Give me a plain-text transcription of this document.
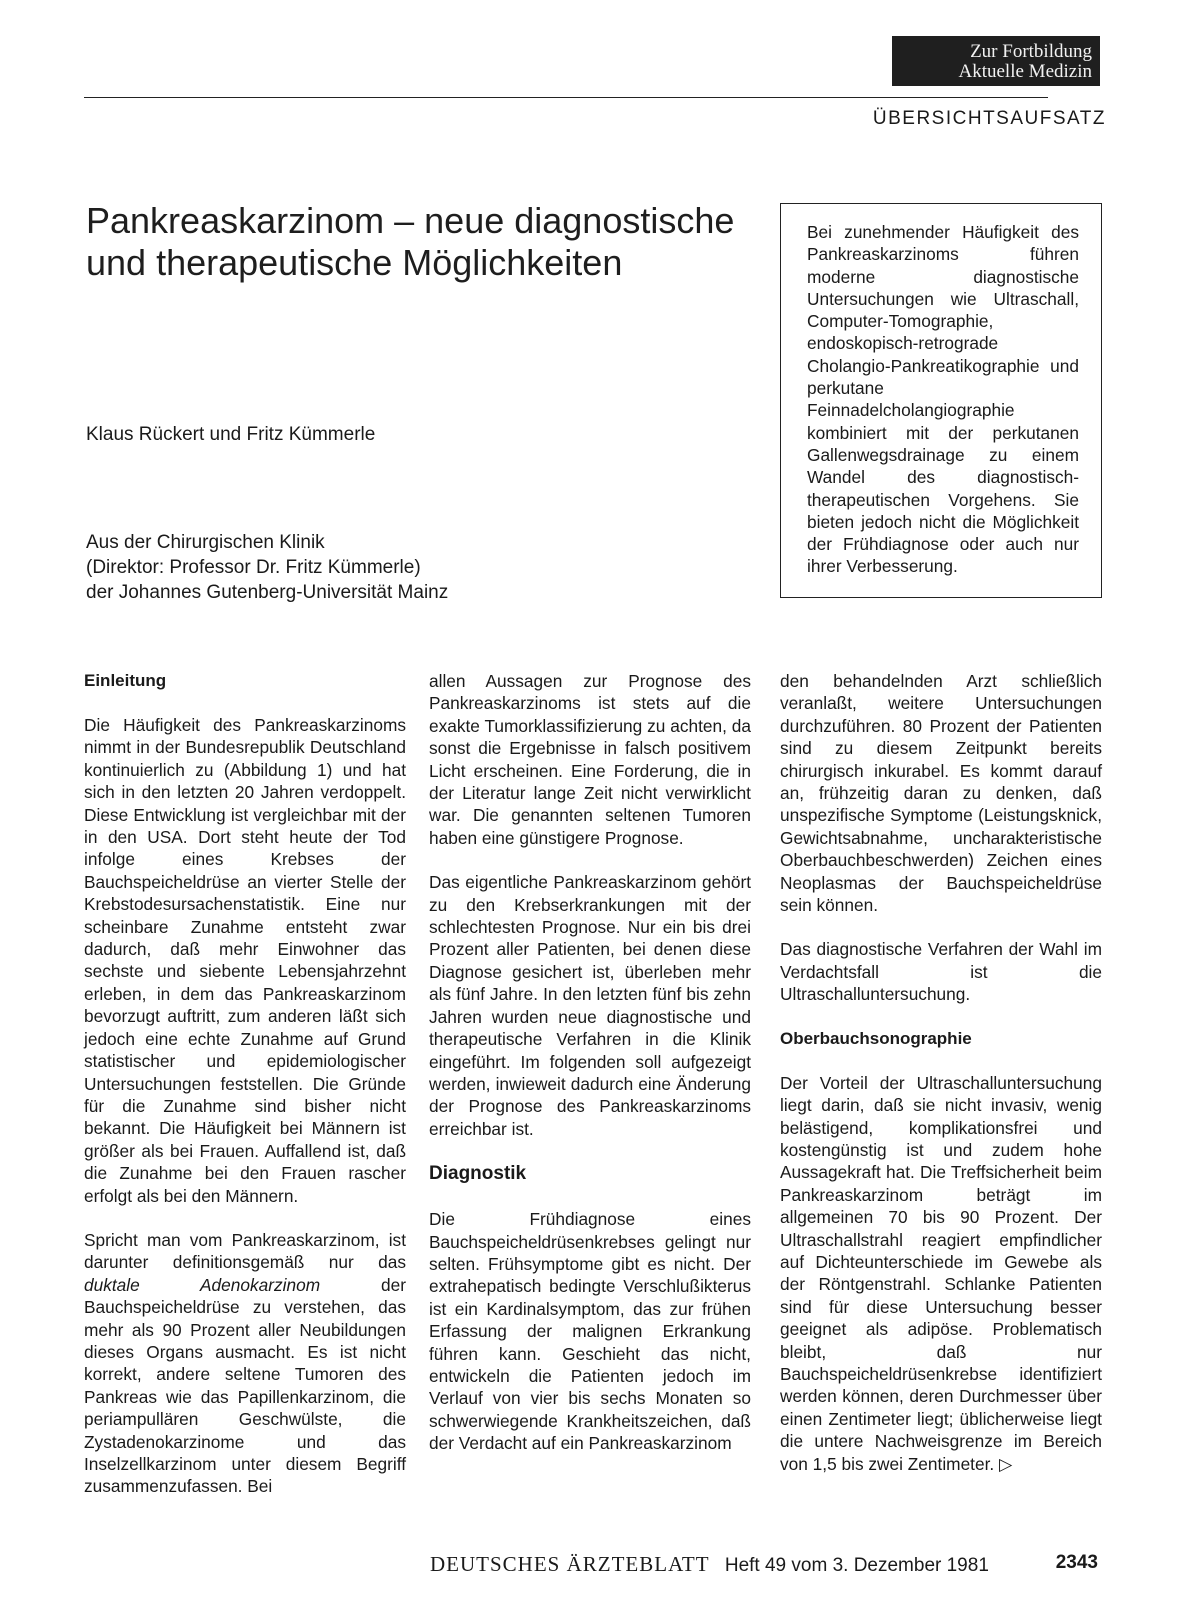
Zur Fortbildung
Aktuelle Medizin
ÜBERSICHTSAUFSATZ
Pankreaskarzinom – neue diagnostische und therapeutische Möglichkeiten
Klaus Rückert und Fritz Kümmerle
Aus der Chirurgischen Klinik
(Direktor: Professor Dr. Fritz Kümmerle)
der Johannes Gutenberg-Universität Mainz
Bei zunehmender Häufigkeit des Pankreaskarzinoms führen moderne diagnostische Untersuchungen wie Ultraschall, Computer-Tomographie, endoskopisch-retrograde Cholangio-Pankreatikographie und perkutane Feinnadelcholangiographie kombiniert mit der perkutanen Gallenwegsdrainage zu einem Wandel des diagnostisch-therapeutischen Vorgehens. Sie bieten jedoch nicht die Möglichkeit der Frühdiagnose oder auch nur ihrer Verbesserung.
Einleitung

Die Häufigkeit des Pankreaskarzinoms nimmt in der Bundesrepublik Deutschland kontinuierlich zu (Abbildung 1) und hat sich in den letzten 20 Jahren verdoppelt. Diese Entwicklung ist vergleichbar mit der in den USA. Dort steht heute der Tod infolge eines Krebses der Bauchspeicheldrüse an vierter Stelle der Krebstodesursachenstatistik. Eine nur scheinbare Zunahme entsteht zwar dadurch, daß mehr Einwohner das sechste und siebente Lebensjahrzehnt erleben, in dem das Pankreaskarzinom bevorzugt auftritt, zum anderen läßt sich jedoch eine echte Zunahme auf Grund statistischer und epidemiologischer Untersuchungen feststellen. Die Gründe für die Zunahme sind bisher nicht bekannt. Die Häufigkeit bei Männern ist größer als bei Frauen. Auffallend ist, daß die Zunahme bei den Frauen rascher erfolgt als bei den Männern.

Spricht man vom Pankreaskarzinom, ist darunter definitionsgemäß nur das duktale Adenokarzinom der Bauchspeicheldrüse zu verstehen, das mehr als 90 Prozent aller Neubildungen dieses Organs ausmacht. Es ist nicht korrekt, andere seltene Tumoren des Pankreas wie das Papillenkarzinom, die periampullären Geschwülste, die Zystadenokarzinome und das Inselzellkarzinom unter diesem Begriff zusammenzufassen. Bei

allen Aussagen zur Prognose des Pankreaskarzinoms ist stets auf die exakte Tumorklassifizierung zu achten, da sonst die Ergebnisse in falsch positivem Licht erscheinen. Eine Forderung, die in der Literatur lange Zeit nicht verwirklicht war. Die genannten seltenen Tumoren haben eine günstigere Prognose.

Das eigentliche Pankreaskarzinom gehört zu den Krebserkrankungen mit der schlechtesten Prognose. Nur ein bis drei Prozent aller Patienten, bei denen diese Diagnose gesichert ist, überleben mehr als fünf Jahre. In den letzten fünf bis zehn Jahren wurden neue diagnostische und therapeutische Verfahren in die Klinik eingeführt. Im folgenden soll aufgezeigt werden, inwieweit dadurch eine Änderung der Prognose des Pankreaskarzinoms erreichbar ist.

Diagnostik

Die Frühdiagnose eines Bauchspeicheldrüsenkrebses gelingt nur selten. Frühsymptome gibt es nicht. Der extrahepatisch bedingte Verschlußikterus ist ein Kardinalsymptom, das zur frühen Erfassung der malignen Erkrankung führen kann. Geschieht das nicht, entwickeln die Patienten jedoch im Verlauf von vier bis sechs Monaten so schwerwiegende Krankheitszeichen, daß der Verdacht auf ein Pankreaskarzinom

den behandelnden Arzt schließlich veranlaßt, weitere Untersuchungen durchzuführen. 80 Prozent der Patienten sind zu diesem Zeitpunkt bereits chirurgisch inkurabel. Es kommt darauf an, frühzeitig daran zu denken, daß unspezifische Symptome (Leistungsknick, Gewichtsabnahme, uncharakteristische Oberbauchbeschwerden) Zeichen eines Neoplasmas der Bauchspeicheldrüse sein können.

Das diagnostische Verfahren der Wahl im Verdachtsfall ist die Ultraschalluntersuchung.

Oberbauchsonographie

Der Vorteil der Ultraschalluntersuchung liegt darin, daß sie nicht invasiv, wenig belästigend, komplikationsfrei und kostengünstig ist und zudem hohe Aussagekraft hat. Die Treffsicherheit beim Pankreaskarzinom beträgt im allgemeinen 70 bis 90 Prozent. Der Ultraschallstrahl reagiert empfindlicher auf Dichteunterschiede im Gewebe als der Röntgenstrahl. Schlanke Patienten sind für diese Untersuchung besser geeignet als adipöse. Problematisch bleibt, daß nur Bauchspeicheldrüsenkrebse identifiziert werden können, deren Durchmesser über einen Zentimeter liegt; üblicherweise liegt die untere Nachweisgrenze im Bereich von 1,5 bis zwei Zentimeter. ▷

DEUTSCHES ÄRZTEBLATT Heft 49 vom 3. Dezember 1981	2343
